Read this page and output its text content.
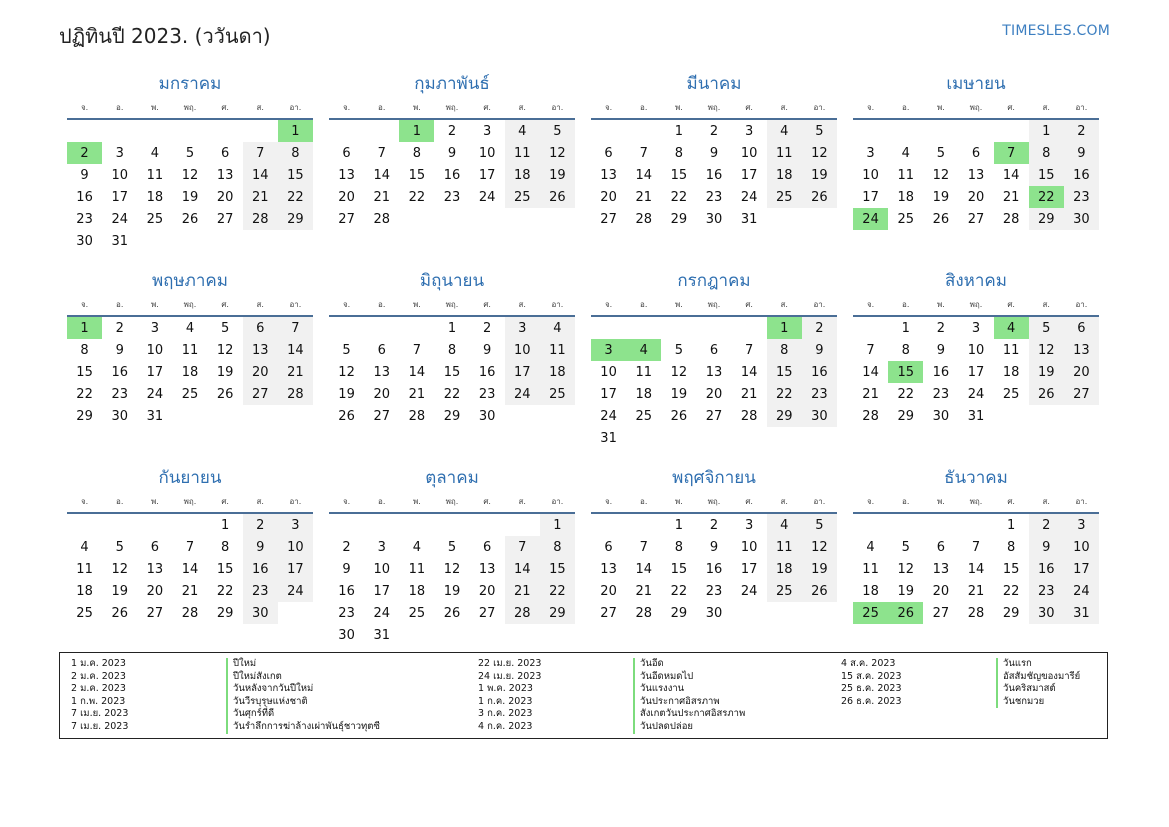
ปฏิทินปี 2023. (ววันดา)	TIMESLES.COM
มกราคม
จ.	อ.	พ.	พฤ.	ศ.	ส.	อา.
						1
2	3	4	5	6	7	8
9	10	11	12	13	14	15
16	17	18	19	20	21	22
23	24	25	26	27	28	29
30	31					
กุมภาพันธ์
จ.	อ.	พ.	พฤ.	ศ.	ส.	อา.
		1	2	3	4	5
6	7	8	9	10	11	12
13	14	15	16	17	18	19
20	21	22	23	24	25	26
27	28					
มีนาคม
จ.	อ.	พ.	พฤ.	ศ.	ส.	อา.
		1	2	3	4	5
6	7	8	9	10	11	12
13	14	15	16	17	18	19
20	21	22	23	24	25	26
27	28	29	30	31		
เมษายน
จ.	อ.	พ.	พฤ.	ศ.	ส.	อา.
					1	2
3	4	5	6	7	8	9
10	11	12	13	14	15	16
17	18	19	20	21	22	23
24	25	26	27	28	29	30
พฤษภาคม
จ.	อ.	พ.	พฤ.	ศ.	ส.	อา.
1	2	3	4	5	6	7
8	9	10	11	12	13	14
15	16	17	18	19	20	21
22	23	24	25	26	27	28
29	30	31				
มิถุนายน
จ.	อ.	พ.	พฤ.	ศ.	ส.	อา.
			1	2	3	4
5	6	7	8	9	10	11
12	13	14	15	16	17	18
19	20	21	22	23	24	25
26	27	28	29	30		
กรกฎาคม
จ.	อ.	พ.	พฤ.	ศ.	ส.	อา.
					1	2
3	4	5	6	7	8	9
10	11	12	13	14	15	16
17	18	19	20	21	22	23
24	25	26	27	28	29	30
31						
สิงหาคม
จ.	อ.	พ.	พฤ.	ศ.	ส.	อา.
	1	2	3	4	5	6
7	8	9	10	11	12	13
14	15	16	17	18	19	20
21	22	23	24	25	26	27
28	29	30	31			
กันยายน
จ.	อ.	พ.	พฤ.	ศ.	ส.	อา.
				1	2	3
4	5	6	7	8	9	10
11	12	13	14	15	16	17
18	19	20	21	22	23	24
25	26	27	28	29	30	
ตุลาคม
จ.	อ.	พ.	พฤ.	ศ.	ส.	อา.
						1
2	3	4	5	6	7	8
9	10	11	12	13	14	15
16	17	18	19	20	21	22
23	24	25	26	27	28	29
30	31					
พฤศจิกายน
จ.	อ.	พ.	พฤ.	ศ.	ส.	อา.
		1	2	3	4	5
6	7	8	9	10	11	12
13	14	15	16	17	18	19
20	21	22	23	24	25	26
27	28	29	30			
ธันวาคม
จ.	อ.	พ.	พฤ.	ศ.	ส.	อา.
				1	2	3
4	5	6	7	8	9	10
11	12	13	14	15	16	17
18	19	20	21	22	23	24
25	26	27	28	29	30	31
1 ม.ค. 2023	ปีใหม่
2 ม.ค. 2023	ปีใหม่สังเกต
2 ม.ค. 2023	วันหลังจากวันปีใหม่
1 ก.พ. 2023	วันวีรบุรุษแห่งชาติ
7 เม.ย. 2023	วันศุกร์ที่ดี
7 เม.ย. 2023	วันรำลึกการฆ่าล้างเผ่าพันธุ์ชาวทุตซี
22 เม.ย. 2023	วันอีด
24 เม.ย. 2023	วันอีดหมดไป
1 พ.ค. 2023	วันแรงงาน
1 ก.ค. 2023	วันประกาศอิสรภาพ
3 ก.ค. 2023	สังเกตวันประกาศอิสรภาพ
4 ก.ค. 2023	วันปลดปล่อย
4 ส.ค. 2023	วันแรก
15 ส.ค. 2023	อัสสัมชัญของมารีย์
25 ธ.ค. 2023	วันคริสมาสต์
26 ธ.ค. 2023	วันชกมวย
